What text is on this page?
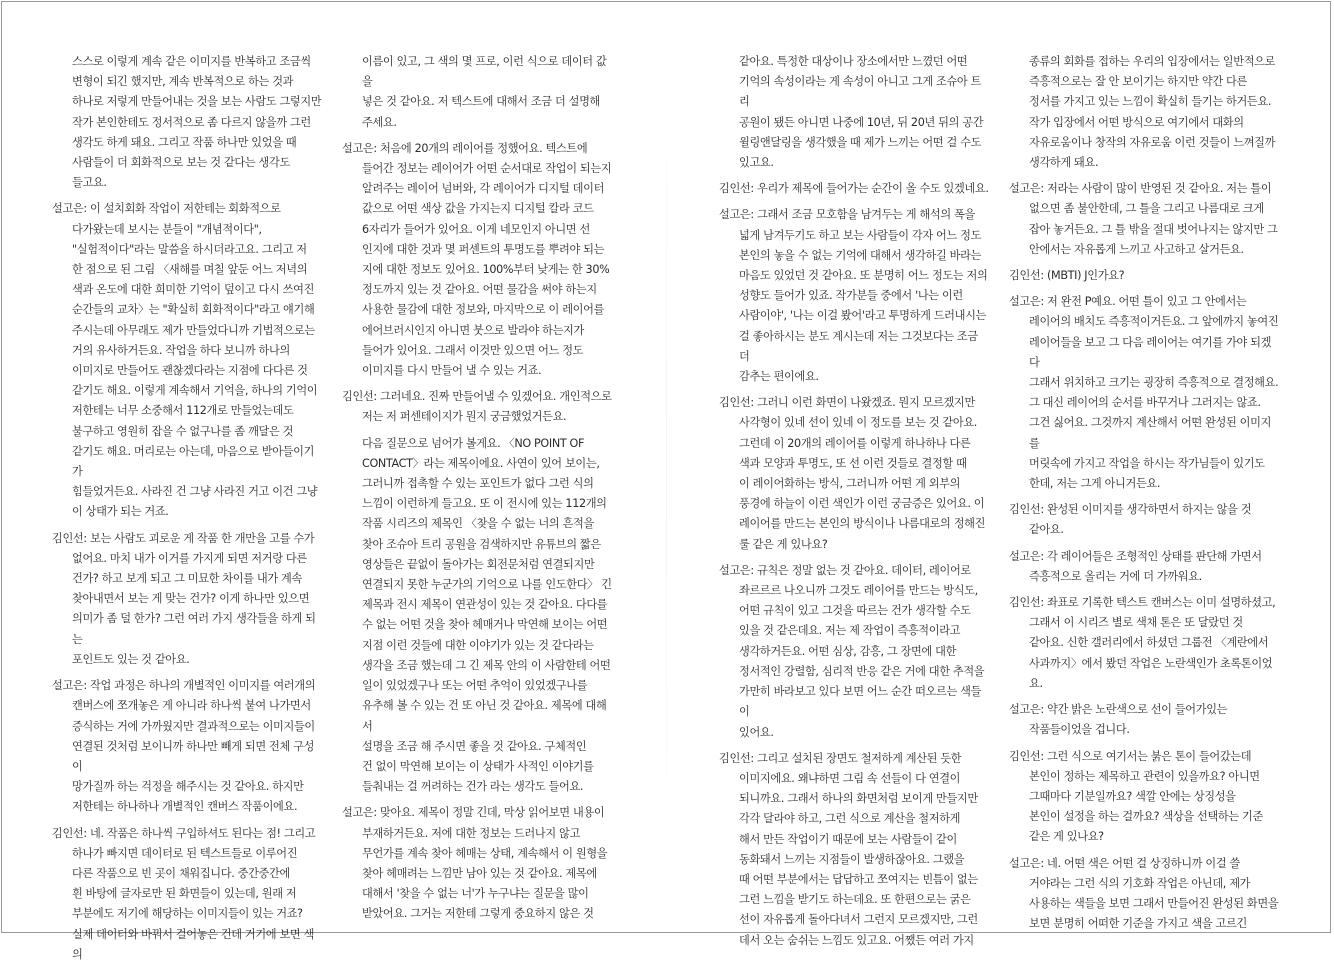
스스로 이렇게 계속 같은 이미지를 반복하고 조금씩
변형이 되긴 했지만, 계속 반복적으로 하는 것과
하나로 저렇게 만들어내는 것을 보는 사람도 그렇지만
작가 본인한테도 정서적으로 좀 다르지 않을까 그런
생각도 하게 돼요. 그리고 작품 하나만 있었을 때
사람들이 더 회화적으로 보는 것 같다는 생각도
들고요.

설고은: 이 설치회화 작업이 저한테는 회화적으로
다가왔는데 보시는 분들이 "개념적이다",
"실험적이다"라는 말씀을 하시더라고요. 그리고 저
한 점으로 된 그림 〈새해를 며칠 앞둔 어느 저녁의
색과 온도에 대한 희미한 기억이 덮이고 다시 쓰여진
순간들의 교차〉는 "확실히 회화적이다"라고 얘기해
주시는데 아무래도 제가 만들었다니까 기법적으로는
거의 유사하거든요. 작업을 하다 보니까 하나의
이미지로 만들어도 괜찮겠다라는 지점에 다다른 것
같기도 해요. 이렇게 계속해서 기억을, 하나의 기억이
저한테는 너무 소중해서 112개로 만들었는데도
불구하고 영원히 잡을 수 없구나를 좀 깨달은 것
같기도 해요. 머리로는 아는데, 마음으로 받아들이기가
힘들었거든요. 사라진 건 그냥 사라진 거고 이건 그냥
이 상태가 되는 거죠.

김인선: 보는 사람도 괴로운 게 작품 한 개만을 고를 수가
없어요. 마치 내가 이거를 가지게 되면 저거랑 다른
건가? 하고 보게 되고 그 미묘한 차이를 내가 계속
찾아내면서 보는 게 맞는 건가? 이게 하나만 있으면
의미가 좀 덜 한가? 그런 여러 가지 생각들을 하게 되는
포인트도 있는 것 같아요.

설고은: 작업 과정은 하나의 개별적인 이미지를 여러개의
캔버스에 쪼개놓은 게 아니라 하나씩 붙여 나가면서
증식하는 거에 가까웠지만 결과적으로는 이미지들이
연결된 것처럼 보이니까 하나만 빼게 되면 전체 구성이
망가질까 하는 걱정을 해주시는 것 같아요. 하지만
저한테는 하나하나 개별적인 캔버스 작품이에요.

김인선: 네. 작품은 하나씩 구입하셔도 된다는 점! 그리고
하나가 빠지면 데이터로 된 텍스트들로 이루어진
다른 작품으로 빈 곳이 채워집니다. 중간중간에
흰 바탕에 글자로만 된 화면들이 있는데, 원래 저
부분에도 저기에 해당하는 이미지들이 있는 거죠?
실제 데이터와 바꿔서 걸어놓은 건데 거기에 보면 색의

이름이 있고, 그 색의 몇 프로, 이런 식으로 데이터 값을
넣은 것 같아요. 저 텍스트에 대해서 조금 더 설명해
주세요.

설고은: 처음에 20개의 레이어를 정했어요. 텍스트에
들어간 정보는 레이어가 어떤 순서대로 작업이 되는지
알려주는 레이어 넘버와, 각 레이어가 디지털 데이터
값으로 어떤 색상 값을 가지는지 디지털 칼라 코드
6자리가 들어가 있어요. 이게 네모인지 아니면 선
인지에 대한 것과 몇 퍼센트의 투명도를 뿌려야 되는
지에 대한 정보도 있어요. 100%부터 낮게는 한 30%
정도까지 있는 것 같아요. 어떤 물감을 써야 하는지
사용한 물감에 대한 정보와, 마지막으로 이 레이어를
에어브러시인지 아니면 붓으로 발라야 하는지가
들어가 있어요. 그래서 이것만 있으면 어느 정도
이미지를 다시 만들어 낼 수 있는 거죠.

김인선: 그러네요. 진짜 만들어낼 수 있겠어요. 개인적으로
저는 저 퍼센테이지가 뭔지 궁금했었거든요.

다음 질문으로 넘어가 볼게요. 〈NO POINT OF
CONTACT〉라는 제목이에요. 사연이 있어 보이는,
그러니까 접촉할 수 있는 포인트가 없다 그런 식의
느낌이 이런하게 들고요. 또 이 전시에 있는 112개의
작품 시리즈의 제목인 〈찾을 수 없는 너의 흔적을
찾아 조슈아 트리 공원을 검색하지만 유튜브의 짧은
영상들은 끝없이 돌아가는 회전문처럼 연결되지만
연결되지 못한 누군가의 기억으로 나를 인도한다〉 긴
제목과 전시 제목이 연관성이 있는 것 같아요. 다다를
수 없는 어떤 것을 찾아 헤매거나 막연해 보이는 어떤
지점 이런 것들에 대한 이야기가 있는 것 같다라는
생각을 조금 했는데 그 긴 제목 안의 이 사람한테 어떤
일이 있었겠구나 또는 어떤 추억이 있었겠구나를
유추해 볼 수 있는 건 또 아닌 것 같아요. 제목에 대해서
설명을 조금 해 주시면 좋을 것 같아요. 구체적인
건 없이 막연해 보이는 이 상태가 사적인 이야기를
들춰내는 걸 꺼려하는 건가 라는 생각도 들어요.

설고은: 맞아요. 제목이 정말 긴데, 막상 읽어보면 내용이
부재하거든요. 저에 대한 정보는 드러나지 않고
무언가를 계속 찾아 헤매는 상태, 계속해서 이 원형을
찾아 헤매려는 느낌만 남아 있는 것 같아요. 제목에
대해서 '찾을 수 없는 너'가 누구냐는 질문을 많이
받았어요. 그거는 저한테 그렇게 중요하지 않은 것

같아요. 특정한 대상이나 장소에서만 느꼈던 어떤
기억의 속성이라는 게 속성이 아니고 그게 조슈아 트리
공원이 됐든 아니면 나중에 10년, 뒤 20년 뒤의 공간
윌링앤달링을 생각했을 때 제가 느끼는 어떤 걸 수도
있고요.

김인선: 우리가 제목에 들어가는 순간이 올 수도 있겠네요.

설고은: 그래서 조금 모호함을 남겨두는 게 해석의 폭을
넓게 남겨두기도 하고 보는 사람들이 각자 어느 정도
본인의 놓을 수 없는 기억에 대해서 생각하길 바라는
마음도 있었던 것 같아요. 또 분명히 어느 정도는 저의
성향도 들어가 있죠. 작가분들 중에서 '나는 이런
사람이야', '나는 이걸 봤어'라고 투명하게 드러내시는
걸 좋아하시는 분도 계시는데 저는 그것보다는 조금 더
감추는 편이에요.

김인선: 그러니 이런 화면이 나왔겠죠. 뭔지 모르겠지만
사각형이 있네 선이 있네 이 정도를 보는 것 같아요.
그런데 이 20개의 레이어를 이렇게 하나하나 다른
색과 모양과 투명도, 또 선 이런 것들로 결정할 때
이 레이어화하는 방식, 그러니까 어떤 게 외부의
풍경에 하늘이 이런 색인가 이런 궁금증은 있어요. 이
레이어를 만드는 본인의 방식이나 나름대로의 정해진
룰 같은 게 있나요?

설고은: 규칙은 정말 없는 것 같아요. 데이터, 레이어로
좌르르르 나오니까 그것도 레이어를 만드는 방식도,
어떤 규칙이 있고 그것을 따르는 건가 생각할 수도
있을 것 같은데요. 저는 제 작업이 즉흥적이라고
생각하거든요. 어떤 심상, 감흥, 그 장면에 대한
정서적인 강렬함, 심리적 반응 같은 거에 대한 추적을
가만히 바라보고 있다 보면 어느 순간 떠오르는 색들이
있어요.

김인선: 그리고 설치된 장면도 철저하게 계산된 듯한
이미지에요. 왜냐하면 그림 속 선들이 다 연결이
되니까요. 그래서 하나의 화면처럼 보이게 만들지만
각각 달라야 하고, 그런 식으로 계산을 철저하게
해서 만든 작업이기 때문에 보는 사람들이 같이
동화돼서 느끼는 지점들이 발생하잖아요. 그랬을
때 어떤 부분에서는 답답하고 쪼여지는 빈틈이 없는
그런 느낌을 받기도 하는데요. 또 한편으로는 굵은
선이 자유롭게 돌아다녀서 그런지 모르겠지만, 그런
데서 오는 숨쉬는 느낌도 있고요. 어쨌든 여러 가지

종류의 회화를 접하는 우리의 입장에서는 일반적으로
즉흥적으로는 잘 안 보이기는 하지만 약간 다른
정서를 가지고 있는 느낌이 확실히 들기는 하거든요.
작가 입장에서 어떤 방식으로 여기에서 대화의
자유로움이나 창작의 자유로움 이런 것들이 느껴질까
생각하게 돼요.

설고은: 저라는 사람이 많이 반영된 것 같아요. 저는 틀이
없으면 좀 불안한데, 그 틀을 그리고 나름대로 크게
잡아 놓거든요. 그 틀 밖을 절대 벗어나지는 않지만 그
안에서는 자유롭게 느끼고 사고하고 살거든요.

김인선: (MBTI) J인가요?

설고은: 저 완전 P예요. 어떤 틀이 있고 그 안에서는
레이어의 배치도 즉흥적이거든요. 그 앞에까지 놓여진
레이어들을 보고 그 다음 레이어는 여기를 가야 되겠다
그래서 위치하고 크기는 굉장히 즉흥적으로 결정해요.
그 대신 레이어의 순서를 바꾸거나 그러지는 않죠.
그건 싫어요. 그것까지 계산해서 어떤 완성된 이미지를
머릿속에 가지고 작업을 하시는 작가님들이 있기도
한데, 저는 그게 아니거든요.

김인선: 완성된 이미지를 생각하면서 하지는 않을 것
같아요.

설고은: 각 레이어들은 조형적인 상태를 판단해 가면서
즉흥적으로 올리는 거에 더 가까워요.

김인선: 좌표로 기록한 텍스트 캔버스는 이미 설명하셨고,
그래서 이 시리즈 별로 색채 톤은 또 달랐던 것
같아요. 신한 갤러리에서 하셨던 그룹전 〈계란에서
사과까지〉에서 봤던 작업은 노란색인가 초록톤이었요.

설고은: 약간 밝은 노란색으로 선이 들어가있는
작품들이었을 겁니다.

김인선: 그런 식으로 여기서는 붉은 톤이 들어갔는데
본인이 정하는 제목하고 관련이 있을까요? 아니면
그때마다 기분일까요? 색깔 안에는 상징성을
본인이 설정을 하는 걸까요? 색상을 선택하는 기준
같은 게 있나요?

설고은: 네. 어떤 색은 어떤 걸 상징하니까 이걸 쓸
거야라는 그런 식의 기호화 작업은 아닌데, 제가
사용하는 색들을 보면 그래서 만들어진 완성된 화면을
보면 분명히 어떠한 기준을 가지고 색을 고르긴
